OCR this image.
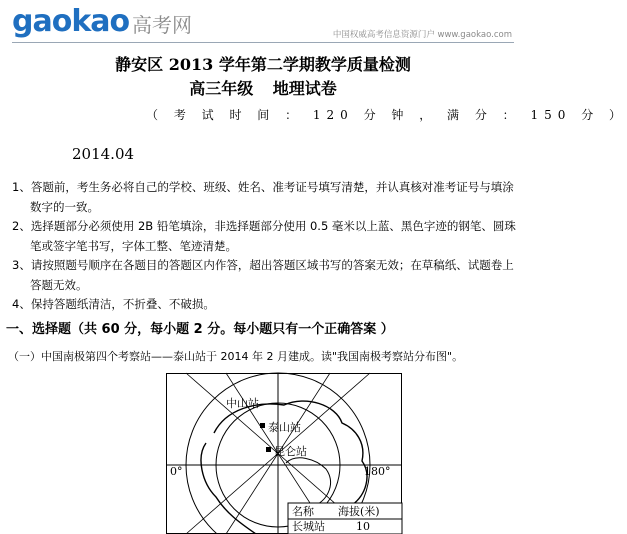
gaokao 高考网	中国权威高考信息资源门户 www.gaokao.com
静安区 2013 学年第二学期教学质量检测
高三年级 地理试卷
（ 考 试 时 间 ： 120 分 钟 ， 满 分 ： 150 分 ）
2014.04

1、答题前，考生务必将自己的学校、班级、姓名、准考证号填写清楚，并认真核对准考证号与填涂数字的一致。

2、选择题部分必须使用 2B 铅笔填涂，非选择题部分使用 0.5 毫米以上蓝、黑色字迹的钢笔、圆珠笔或签字笔书写，字体工整、笔迹清楚。

3、请按照题号顺序在各题目的答题区内作答，超出答题区域书写的答案无效；在草稿纸、试题卷上答题无效。

4、保持答题纸清洁，不折叠、不破损。

一、选择题（共 60 分，每小题 2 分。每小题只有一个正确答案 ）
（一）中国南极第四个考察站——泰山站于 2014 年 2 月建成。读"我国南极考察站分布图"。
中山站
泰山站
昆仑站
0°	180°
名称 海拔(米)
长城站	10
